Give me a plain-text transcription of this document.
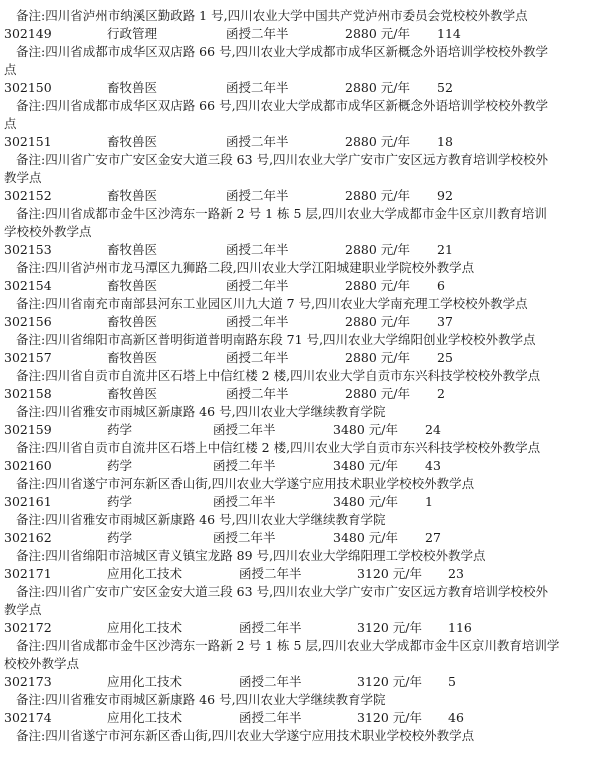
备注:四川省泸州市纳溪区勤政路 1 号,四川农业大学中国共产党泸州市委员会党校校外教学点
302149	行政管理	函授二年半	2880 元/年 114
备注:四川省成都市成华区双店路 66 号,四川农业大学成都市成华区新概念外语培训学校校外教学
点
302150	畜牧兽医	函授二年半	2880 元/年 52
备注:四川省成都市成华区双店路 66 号,四川农业大学成都市成华区新概念外语培训学校校外教学
点
302151	畜牧兽医	函授二年半	2880 元/年 18
备注:四川省广安市广安区金安大道三段 63 号,四川农业大学广安市广安区远方教育培训学校校外
教学点
302152	畜牧兽医	函授二年半	2880 元/年 92
备注:四川省成都市金牛区沙湾东一路新 2 号 1 栋 5 层,四川农业大学成都市金牛区京川教育培训
学校校外教学点
302153	畜牧兽医	函授二年半	2880 元/年 21
备注:四川省泸州市龙马潭区九狮路二段,四川农业大学江阳城建职业学院校外教学点
302154	畜牧兽医	函授二年半	2880 元/年 6
备注:四川省南充市南部县河东工业园区川九大道 7 号,四川农业大学南充理工学校校外教学点
302156	畜牧兽医	函授二年半	2880 元/年 37
备注:四川省绵阳市高新区普明街道普明南路东段 71 号,四川农业大学绵阳创业学校校外教学点
302157	畜牧兽医	函授二年半	2880 元/年 25
备注:四川省自贡市自流井区石塔上中信红楼 2 楼,四川农业大学自贡市东兴科技学校校外教学点
302158	畜牧兽医	函授二年半	2880 元/年 2
备注:四川省雅安市雨城区新康路 46 号,四川农业大学继续教育学院
302159	药学	函授二年半	3480 元/年 24
备注:四川省自贡市自流井区石塔上中信红楼 2 楼,四川农业大学自贡市东兴科技学校校外教学点
302160	药学	函授二年半	3480 元/年 43
备注:四川省遂宁市河东新区香山街,四川农业大学遂宁应用技术职业学校校外教学点
302161	药学	函授二年半	3480 元/年 1
备注:四川省雅安市雨城区新康路 46 号,四川农业大学继续教育学院
302162	药学	函授二年半	3480 元/年 27
备注:四川省绵阳市涪城区青义镇宝龙路 89 号,四川农业大学绵阳理工学校校外教学点
302171	应用化工技术	函授二年半	3120 元/年 23
备注:四川省广安市广安区金安大道三段 63 号,四川农业大学广安市广安区远方教育培训学校校外
教学点
302172	应用化工技术	函授二年半	3120 元/年 116
备注:四川省成都市金牛区沙湾东一路新 2 号 1 栋 5 层,四川农业大学成都市金牛区京川教育培训学
校校外教学点
302173	应用化工技术	函授二年半	3120 元/年 5
备注:四川省雅安市雨城区新康路 46 号,四川农业大学继续教育学院
302174	应用化工技术	函授二年半	3120 元/年 46
备注:四川省遂宁市河东新区香山街,四川农业大学遂宁应用技术职业学校校外教学点
